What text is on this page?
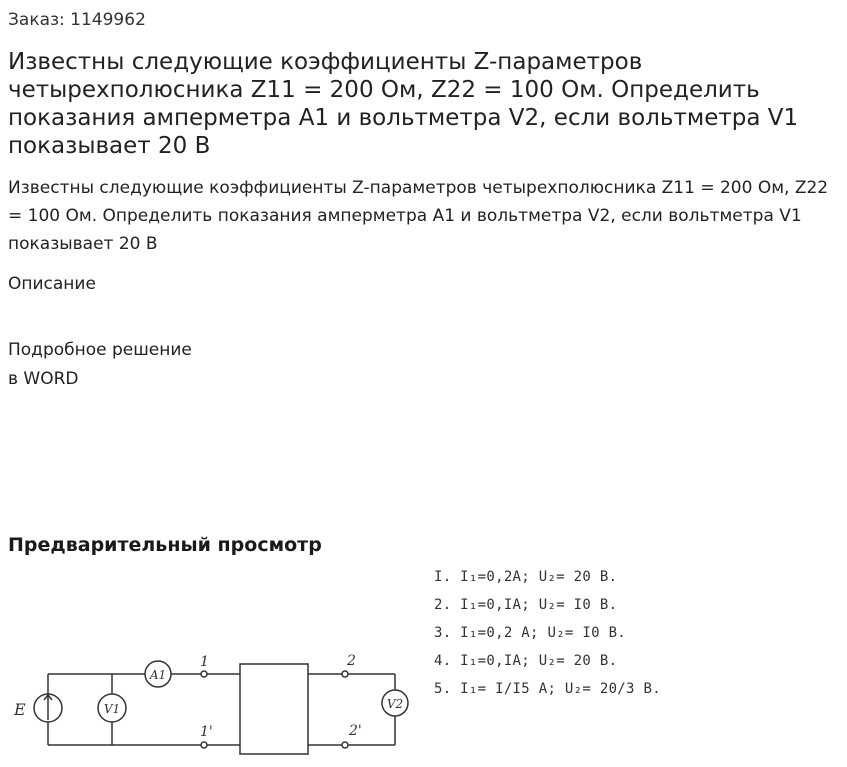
Заказ: 1149962
Известны следующие коэффициенты Z-параметров четырехполюсника Z11 = 200 Ом, Z22 = 100 Ом. Определить показания амперметра A1 и вольтметра V2, если вольтметра V1 показывает 20 В

Известны следующие коэффициенты Z-параметров четырехполюсника Z11 = 200 Ом, Z22 = 100 Ом. Определить показания амперметра A1 и вольтметра V2, если вольтметра V1 показывает 20 В

Описание
Подробное решение
в WORD
Предварительный просмотр
E
A1
V1	V2
1
1'
2
2'
I. I₁=0,2A; U₂= 20 B.
2. I₁=0,IA; U₂= I0 B.
3. I₁=0,2 A; U₂= I0 B.
4. I₁=0,IA; U₂= 20 B.
5. I₁= I/I5 A; U₂= 20/3 B.
